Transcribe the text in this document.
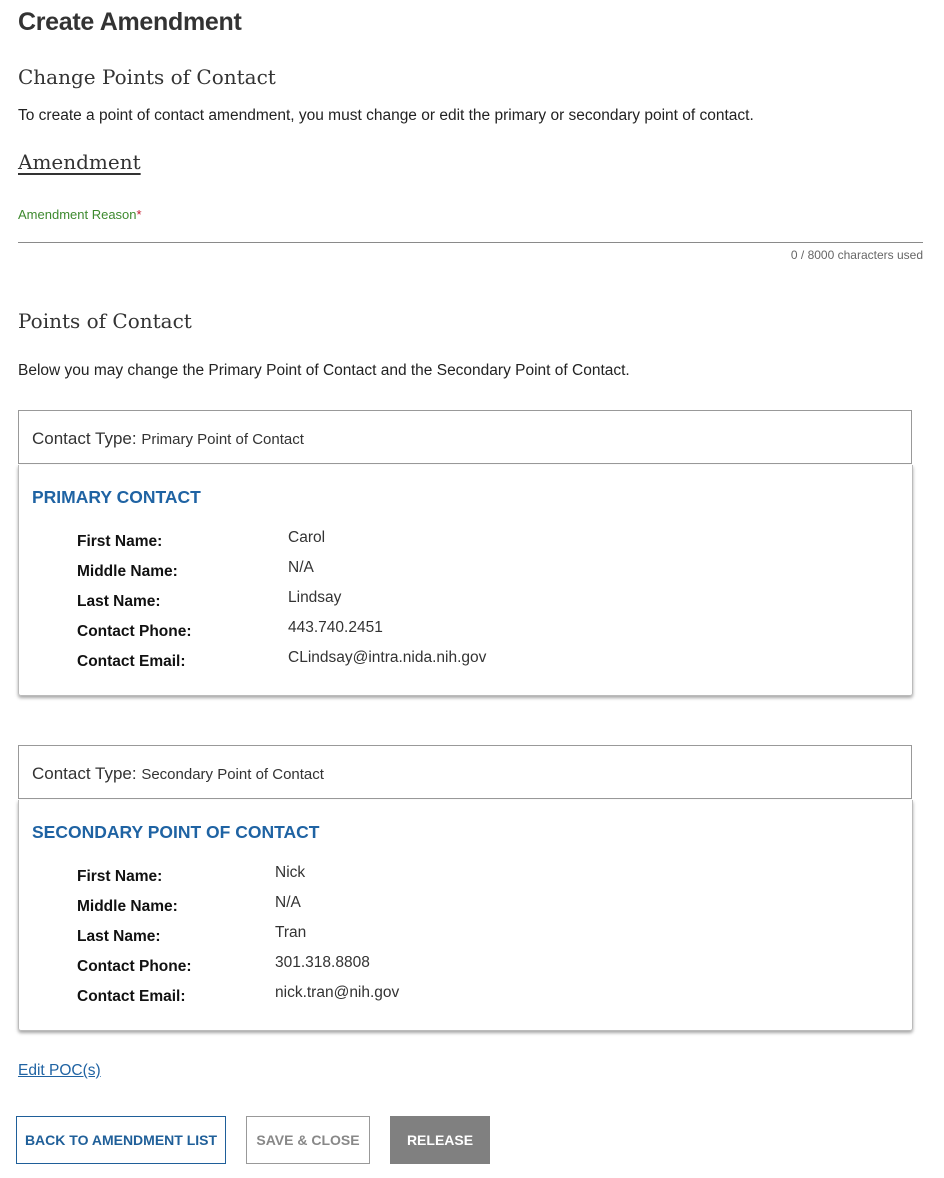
Create Amendment
Change Points of Contact
To create a point of contact amendment, you must change or edit the primary or secondary point of contact.
Amendment
Amendment Reason*
0 / 8000 characters used
Points of Contact
Below you may change the Primary Point of Contact and the Secondary Point of Contact.
Contact Type: Primary Point of Contact
PRIMARY CONTACT
First Name:	Carol
Middle Name:	N/A
Last Name:	Lindsay
Contact Phone:	443.740.2451
Contact Email:	CLindsay@intra.nida.nih.gov
Contact Type: Secondary Point of Contact
SECONDARY POINT OF CONTACT
First Name:	Nick
Middle Name:	N/A
Last Name:	Tran
Contact Phone:	301.318.8808
Contact Email:	nick.tran@nih.gov
Edit POC(s)
BACK TO AMENDMENT LIST	SAVE & CLOSE	RELEASE
